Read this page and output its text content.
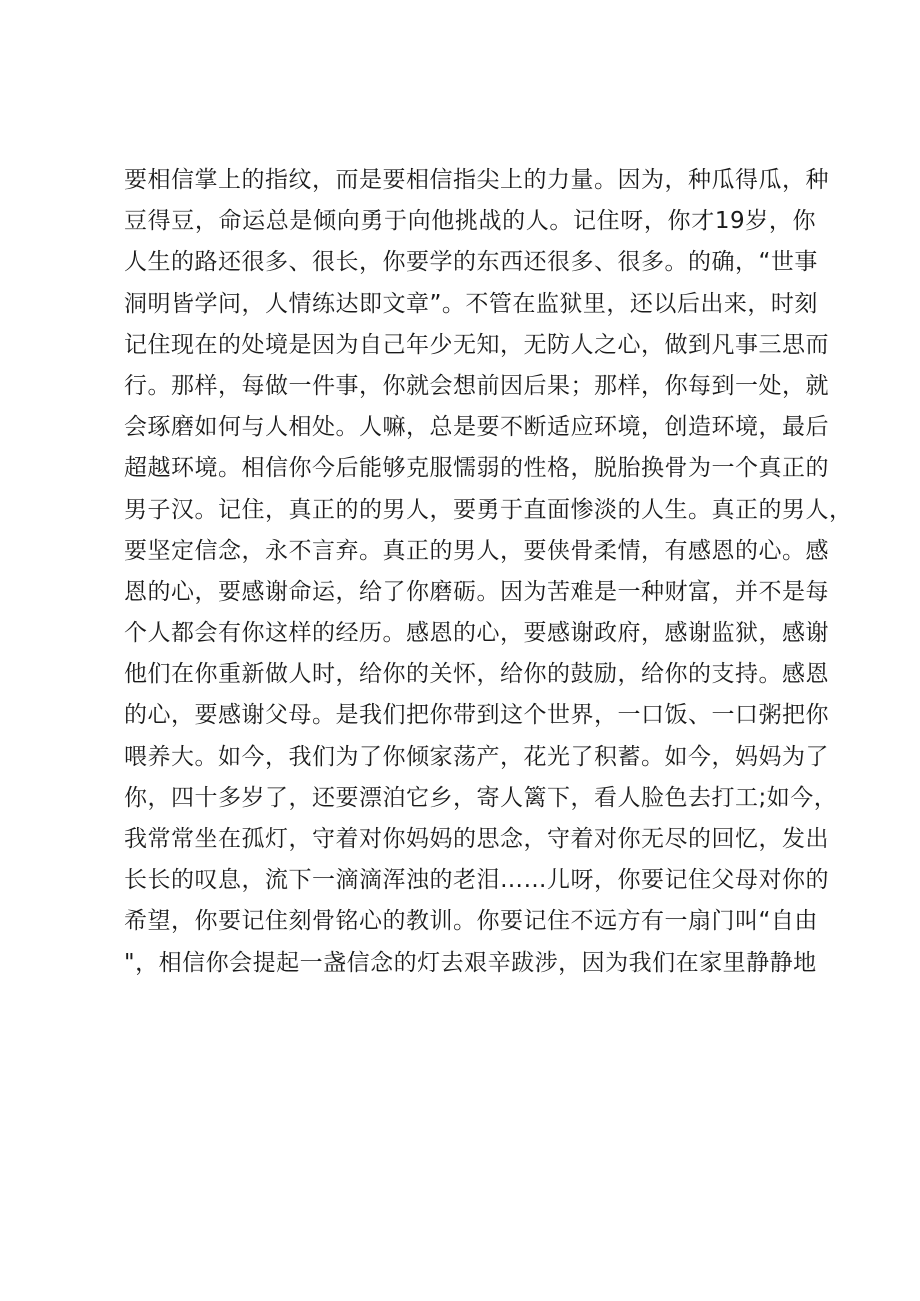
要相信掌上的指纹，而是要相信指尖上的力量。因为，种瓜得瓜，种
豆得豆，命运总是倾向勇于向他挑战的人。记住呀，你才19岁，你
人生的路还很多、很长，你要学的东西还很多、很多。的确，“世事
洞明皆学问，人情练达即文章”。不管在监狱里，还以后出来，时刻
记住现在的处境是因为自己年少无知，无防人之心，做到凡事三思而
行。那样，每做一件事，你就会想前因后果；那样，你每到一处，就
会琢磨如何与人相处。人嘛，总是要不断适应环境，创造环境，最后
超越环境。相信你今后能够克服懦弱的性格，脱胎换骨为一个真正的
男子汉。记住，真正的的男人，要勇于直面惨淡的人生。真正的男人，
要坚定信念，永不言弃。真正的男人，要侠骨柔情，有感恩的心。感
恩的心，要感谢命运，给了你磨砺。因为苦难是一种财富，并不是每
个人都会有你这样的经历。感恩的心，要感谢政府，感谢监狱，感谢
他们在你重新做人时，给你的关怀，给你的鼓励，给你的支持。感恩
的心，要感谢父母。是我们把你带到这个世界，一口饭、一口粥把你
喂养大。如今，我们为了你倾家荡产，花光了积蓄。如今，妈妈为了
你，四十多岁了，还要漂泊它乡，寄人篱下，看人脸色去打工;如今，
我常常坐在孤灯，守着对你妈妈的思念，守着对你无尽的回忆，发出
长长的叹息，流下一滴滴浑浊的老泪……儿呀，你要记住父母对你的
希望，你要记住刻骨铭心的教训。你要记住不远方有一扇门叫“自由
"，相信你会提起一盏信念的灯去艰辛跋涉，因为我们在家里静静地
